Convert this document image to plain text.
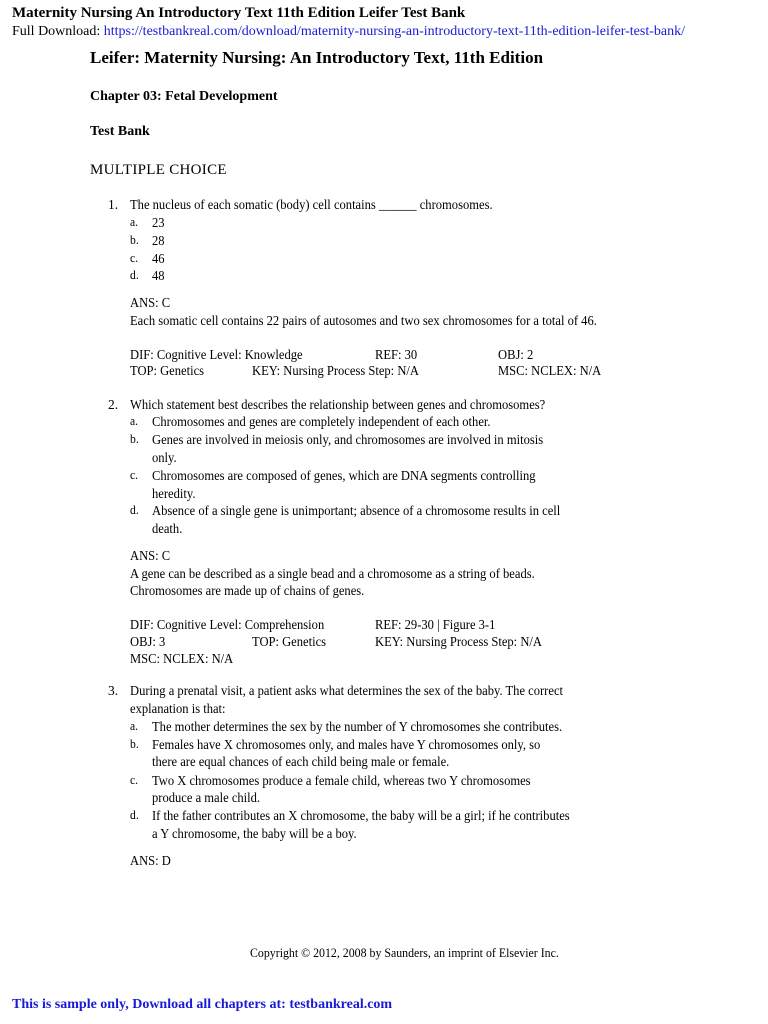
Maternity Nursing An Introductory Text 11th Edition Leifer Test Bank
Full Download: https://testbankreal.com/download/maternity-nursing-an-introductory-text-11th-edition-leifer-test-bank/
Leifer: Maternity Nursing: An Introductory Text, 11th Edition
Chapter 03: Fetal Development
Test Bank
MULTIPLE CHOICE
1. The nucleus of each somatic (body) cell contains ______ chromosomes.
a. 23
b. 28
c. 46
d. 48
ANS: C
Each somatic cell contains 22 pairs of autosomes and two sex chromosomes for a total of 46.
DIF: Cognitive Level: Knowledge	REF: 30	OBJ: 2
TOP: Genetics	KEY: Nursing Process Step: N/A	MSC: NCLEX: N/A
2. Which statement best describes the relationship between genes and chromosomes?
a. Chromosomes and genes are completely independent of each other.
b. Genes are involved in meiosis only, and chromosomes are involved in mitosis
only.
c. Chromosomes are composed of genes, which are DNA segments controlling
heredity.
d. Absence of a single gene is unimportant; absence of a chromosome results in cell
death.
ANS: C
A gene can be described as a single bead and a chromosome as a string of beads.
Chromosomes are made up of chains of genes.
DIF: Cognitive Level: Comprehension	REF: 29-30 | Figure 3-1
OBJ: 3	TOP: Genetics	KEY: Nursing Process Step: N/A
MSC: NCLEX: N/A
3. During a prenatal visit, a patient asks what determines the sex of the baby. The correct
explanation is that:
a. The mother determines the sex by the number of Y chromosomes she contributes.
b. Females have X chromosomes only, and males have Y chromosomes only, so
there are equal chances of each child being male or female.
c. Two X chromosomes produce a female child, whereas two Y chromosomes
produce a male child.
d. If the father contributes an X chromosome, the baby will be a girl; if he contributes
a Y chromosome, the baby will be a boy.
ANS: D
Copyright © 2012, 2008 by Saunders, an imprint of Elsevier Inc.
This is sample only, Download all chapters at: testbankreal.com
